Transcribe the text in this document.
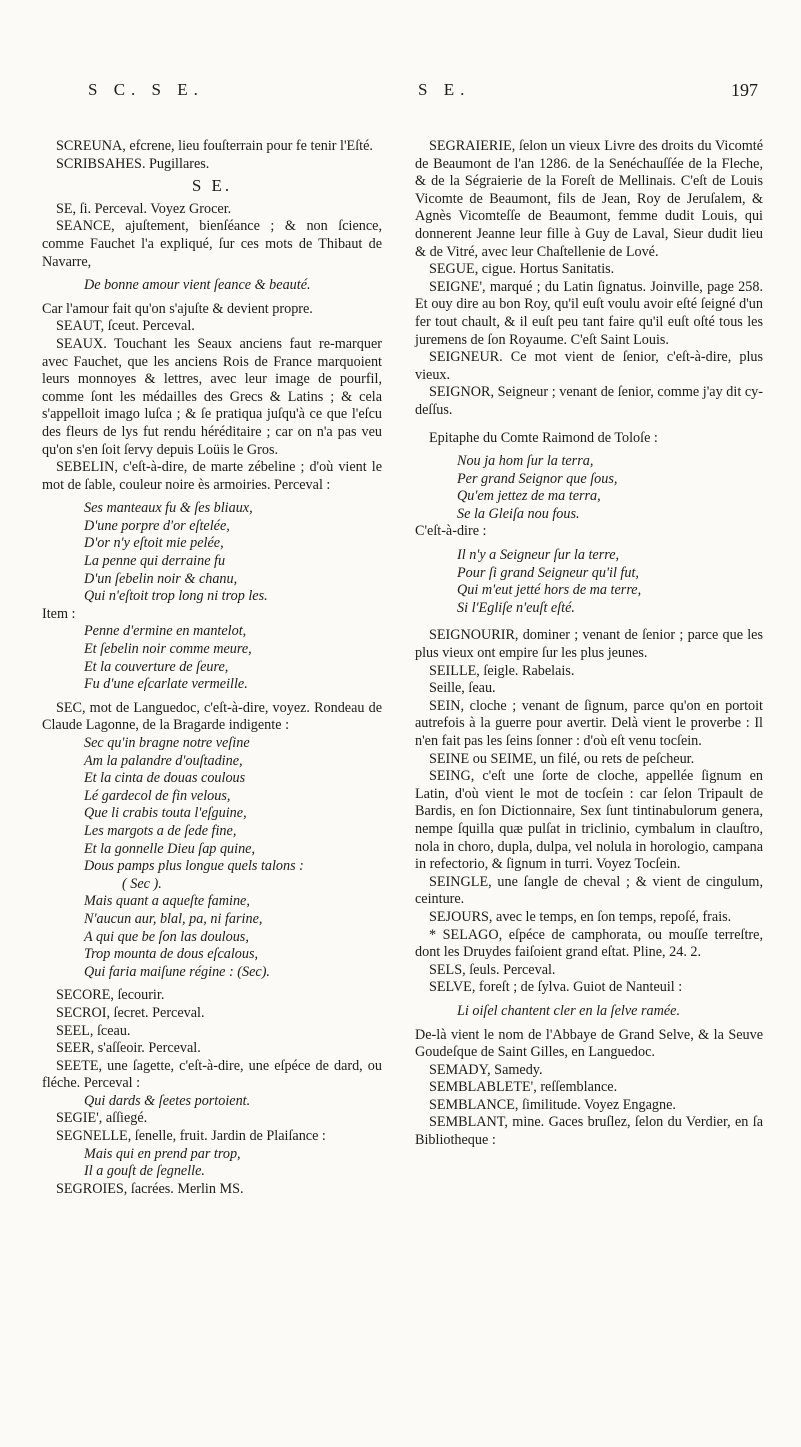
S C. S E.	S E.	197

SCREUNA, efcrene, lieu fouſterrain pour fe tenir l'Eſté.

SCRIBSAHES. Pugillares.

S E.

SE, ſi. Perceval. Voyez Grocer.

SEANCE, ajuſtement, bienſéance ; & non ſcience, comme Fauchet l'a expliqué, ſur ces mots de Thibaut de Navarre,

De bonne amour vient ſeance & beauté.

Car l'amour fait qu'on s'ajuſte & devient propre.

SEAUT, ſceut. Perceval.

SEAUX. Touchant les Seaux anciens faut re-marquer avec Fauchet, que les anciens Rois de France marquoient leurs monnoyes & lettres, avec leur image de pourfil, comme ſont les médailles des Grecs & Latins ; & cela s'appelloit imago luſca ; & ſe pratiqua juſqu'à ce que l'eſcu des fleurs de lys fut rendu héréditaire ; car on n'a pas veu qu'on s'en ſoit ſervy depuis Loüis le Gros.

SEBELIN, c'eſt-à-dire, de marte zébeline ; d'où vient le mot de ſable, couleur noire ès armoiries. Perceval :

Ses manteaux fu & ſes bliaux,

D'une porpre d'or eſtelée,

D'or n'y eſtoit mie pelée,

La penne qui derraine fu

D'un ſebelin noir & chanu,

Qui n'eſtoit trop long ni trop les.

Item :

Penne d'ermine en mantelot,

Et ſebelin noir comme meure,

Et la couverture de ſeure,

Fu d'une eſcarlate vermeille.

SEC, mot de Languedoc, c'eſt-à-dire, voyez. Rondeau de Claude Lagonne, de la Bragarde indigente :

Sec qu'in bragne notre veſine

Am la palandre d'ouſtadine,

Et la cinta de douas coulous

Lé gardecol de fin velous,

Que li crabis touta l'eſguine,

Les margots a de ſede fine,

Et la gonnelle Dieu ſap quine,

Dous pamps plus longue quels talons :

( Sec ).

Mais quant a aqueſte famine,

N'aucun aur, blal, pa, ni farine,

A qui que be ſon las doulous,

Trop mounta de dous eſcalous,

Qui faria maiſune régine : (Sec).

SECORE, ſecourir.

SECROI, ſecret. Perceval.

SEEL, ſceau.

SEER, s'aſſeoir. Perceval.

SEETE, une ſagette, c'eſt-à-dire, une eſpéce de dard, ou fléche. Perceval :

Qui dards & ſeetes portoient.

SEGIE', aſſiegé.

SEGNELLE, ſenelle, fruit. Jardin de Plaiſance :

Mais qui en prend par trop,

Il a gouſt de ſegnelle.

SEGROIES, ſacrées. Merlin MS.

SEGRAIERIE, ſelon un vieux Livre des droits du Vicomté de Beaumont de l'an 1286. de la Senéchauſſée de la Fleche, & de la Ségraierie de la Foreſt de Mellinais. C'eſt de Louis Vicomte de Beaumont, fils de Jean, Roy de Jeruſalem, & Agnès Vicomteſſe de Beaumont, femme dudit Louis, qui donnerent Jeanne leur fille à Guy de Laval, Sieur dudit lieu & de Vitré, avec leur Chaſtellenie de Lové.

SEGUE, cigue. Hortus Sanitatis.

SEIGNE', marqué ; du Latin ſignatus. Joinville, page 258. Et ouy dire au bon Roy, qu'il euſt voulu avoir eſté ſeigné d'un fer tout chault, & il euſt peu tant faire qu'il euſt oſté tous les juremens de ſon Royaume. C'eſt Saint Louis.

SEIGNEUR. Ce mot vient de ſenior, c'eſt-à-dire, plus vieux.

SEIGNOR, Seigneur ; venant de ſenior, comme j'ay dit cy-deſſus.

Epitaphe du Comte Raimond de Toloſe :

Nou ja hom ſur la terra,

Per grand Seignor que ſous,

Qu'em jettez de ma terra,

Se la Gleiſa nou fous.

C'eſt-à-dire :

Il n'y a Seigneur ſur la terre,

Pour ſi grand Seigneur qu'il fut,

Qui m'eut jetté hors de ma terre,

Si l'Egliſe n'euſt eſté.

SEIGNOURIR, dominer ; venant de ſenior ; parce que les plus vieux ont empire ſur les plus jeunes.

SEILLE, ſeigle. Rabelais.

Seille, ſeau.

SEIN, cloche ; venant de ſignum, parce qu'on en portoit autrefois à la guerre pour avertir. Delà vient le proverbe : Il n'en fait pas les ſeins ſonner : d'où eſt venu tocſein.

SEINE ou SEIME, un filé, ou rets de peſcheur.

SEING, c'eſt une ſorte de cloche, appellée ſignum en Latin, d'où vient le mot de tocſein : car ſelon Tripault de Bardis, en ſon Dictionnaire, Sex ſunt tintinabulorum genera, nempe ſquilla quæ pulſat in triclinio, cymbalum in clauſtro, nola in choro, dupla, dulpa, vel nolula in horologio, campana in refectorio, & ſignum in turri. Voyez Tocſein.

SEINGLE, une ſangle de cheval ; & vient de cingulum, ceinture.

SEJOURS, avec le temps, en ſon temps, repoſé, frais.

* SELAGO, eſpéce de camphorata, ou mouſſe terreſtre, dont les Druydes faiſoient grand eſtat. Pline, 24. 2.

SELS, ſeuls. Perceval.

SELVE, foreſt ; de ſylva. Guiot de Nanteuil :

Li oiſel chantent cler en la ſelve ramée.

De-là vient le nom de l'Abbaye de Grand Selve, & la Seuve Goudeſque de Saint Gilles, en Languedoc.

SEMADY, Samedy.

SEMBLABLETE', reſſemblance.

SEMBLANCE, ſimilitude. Voyez Engagne.

SEMBLANT, mine. Gaces bruſlez, ſelon du Verdier, en ſa Bibliotheque :
